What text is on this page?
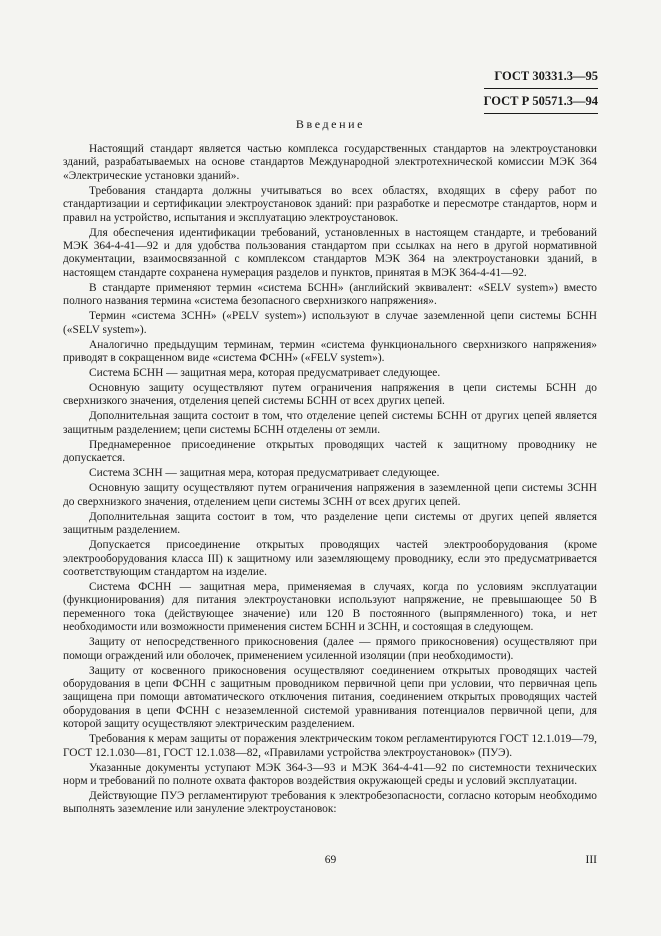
ГОСТ 30331.3—95
ГОСТ Р 50571.3—94
Введение

Настоящий стандарт является частью комплекса государственных стандартов на электроустановки зданий, разрабатываемых на основе стандартов Международной электротехнической комиссии МЭК 364 «Электрические установки зданий».

Требования стандарта должны учитываться во всех областях, входящих в сферу работ по стандартизации и сертификации электроустановок зданий: при разработке и пересмотре стандартов, норм и правил на устройство, испытания и эксплуатацию электроустановок.

Для обеспечения идентификации требований, установленных в настоящем стандарте, и требований МЭК 364-4-41—92 и для удобства пользования стандартом при ссылках на него в другой нормативной документации, взаимосвязанной с комплексом стандартов МЭК 364 на электроустановки зданий, в настоящем стандарте сохранена нумерация разделов и пунктов, принятая в МЭК 364-4-41—92.

В стандарте применяют термин «система БСНН» (английский эквивалент: «SELV system») вместо полного названия термина «система безопасного сверхнизкого напряжения».

Термин «система ЗСНН» («PELV system») используют в случае заземленной цепи системы БСНН («SELV system»).

Аналогично предыдущим терминам, термин «система функционального сверхнизкого напряжения» приводят в сокращенном виде «система ФСНН» («FELV system»).

Система БСНН — защитная мера, которая предусматривает следующее.

Основную защиту осуществляют путем ограничения напряжения в цепи системы БСНН до сверхнизкого значения, отделения цепей системы БСНН от всех других цепей.

Дополнительная защита состоит в том, что отделение цепей системы БСНН от других цепей является защитным разделением; цепи системы БСНН отделены от земли.

Преднамеренное присоединение открытых проводящих частей к защитному проводнику не допускается.

Система ЗСНН — защитная мера, которая предусматривает следующее.

Основную защиту осуществляют путем ограничения напряжения в заземленной цепи системы ЗСНН до сверхнизкого значения, отделением цепи системы ЗСНН от всех других цепей.

Дополнительная защита состоит в том, что разделение цепи системы от других цепей является защитным разделением.

Допускается присоединение открытых проводящих частей электрооборудования (кроме электрооборудования класса III) к защитному или заземляющему проводнику, если это предусматривается соответствующим стандартом на изделие.

Система ФСНН — защитная мера, применяемая в случаях, когда по условиям эксплуатации (функционирования) для питания электроустановки используют напряжение, не превышающее 50 В переменного тока (действующее значение) или 120 В постоянного (выпрямленного) тока, и нет необходимости или возможности применения систем БСНН и ЗСНН, и состоящая в следующем.

Защиту от непосредственного прикосновения (далее — прямого прикосновения) осуществляют при помощи ограждений или оболочек, применением усиленной изоляции (при необходимости).

Защиту от косвенного прикосновения осуществляют соединением открытых проводящих частей оборудования в цепи ФСНН с защитным проводником первичной цепи при условии, что первичная цепь защищена при помощи автоматического отключения питания, соединением открытых проводящих частей оборудования в цепи ФСНН с незаземленной системой уравнивания потенциалов первичной цепи, для которой защиту осуществляют электрическим разделением.

Требования к мерам защиты от поражения электрическим током регламентируются ГОСТ 12.1.019—79, ГОСТ 12.1.030—81, ГОСТ 12.1.038—82, «Правилами устройства электроустановок» (ПУЭ).

Указанные документы уступают МЭК 364-3—93 и МЭК 364-4-41—92 по системности технических норм и требований по полноте охвата факторов воздействия окружающей среды и условий эксплуатации.

Действующие ПУЭ регламентируют требования к электробезопасности, согласно которым необходимо выполнять заземление или зануление электроустановок:

69	III
